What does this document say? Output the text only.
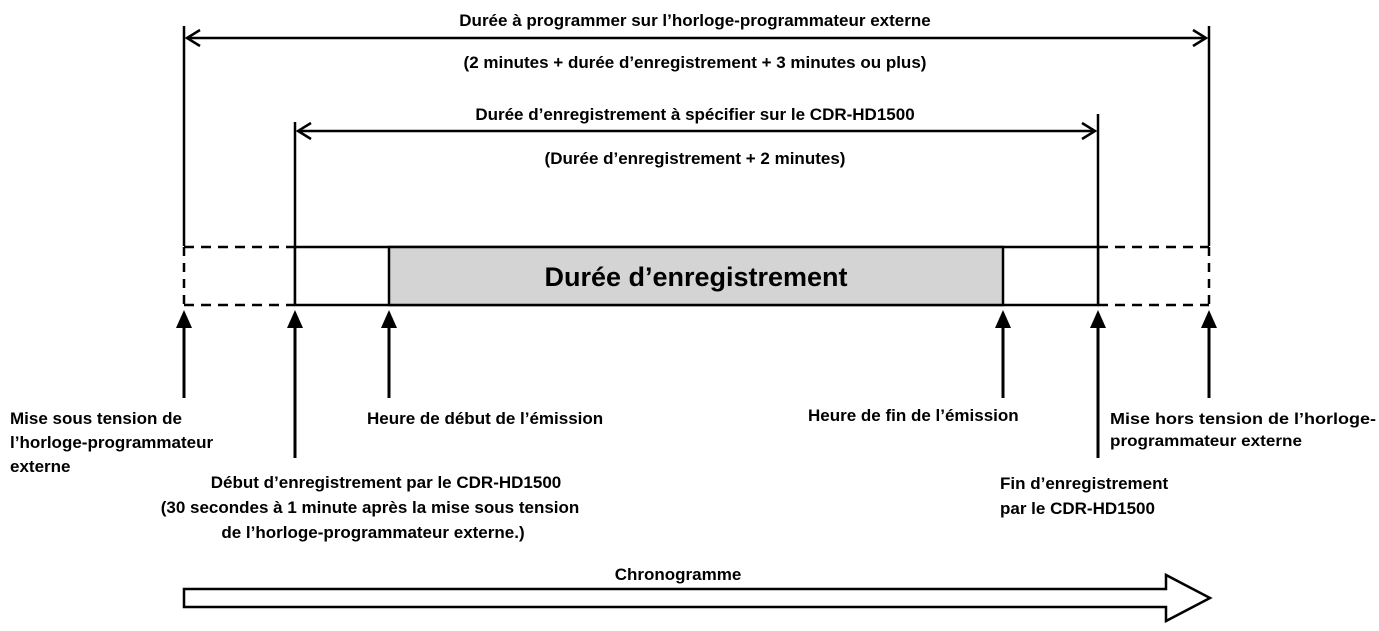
Durée à programmer sur l’horloge-programmateur externe
(2 minutes + durée d’enregistrement + 3 minutes ou plus)
Durée d’enregistrement à spécifier sur le CDR-HD1500
(Durée d’enregistrement + 2 minutes)
Durée d’enregistrement
Mise sous tension de
l’horloge-programmateur
externe
Début d’enregistrement par le CDR-HD1500
(30 secondes à 1 minute après la mise sous tension
de l’horloge-programmateur externe.)
Heure de début de l’émission	Heure de fin de l’émission
Fin d’enregistrement
par le CDR-HD1500
Mise hors tension de l’horloge-
programmateur externe
Chronogramme
